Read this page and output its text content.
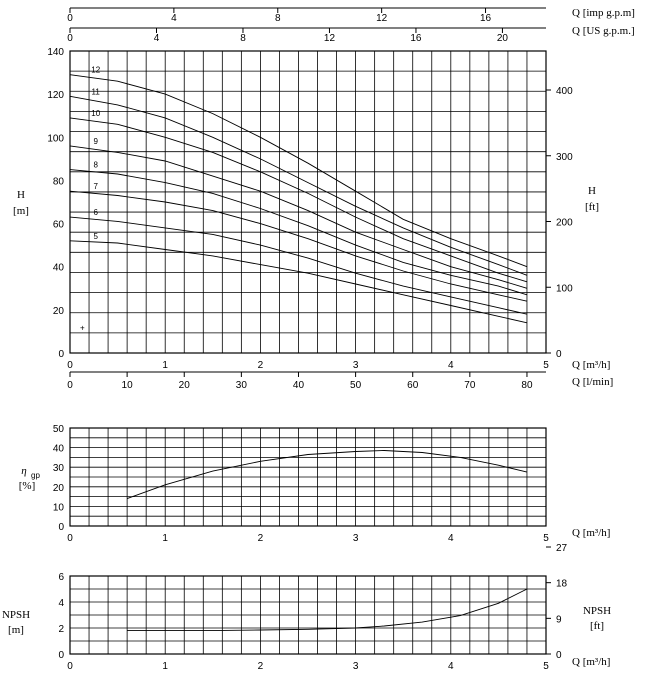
0	4	8	12	16
0	4	8	12	16	20
Q [imp g.p.m]
Q [US g.p.m.]
0
20
40
60
80
100
120
140
H
[m]
0
100
200
300
400
H
[ft]
0	1	2	3	4	5
0	10	20	30	40	50	60	70	80
Q [m³/h]
Q [l/min]
12
11
10
9
8
7
6
5
+
0
10
20
30
40
50
0	1	2	3	4	5
η gp
[%]
Q [m³/h]
0
2
4
6
0
9
18
27
0	1	2	3	4	5
NPSH
[m]
NPSH
[ft]
Q [m³/h]
